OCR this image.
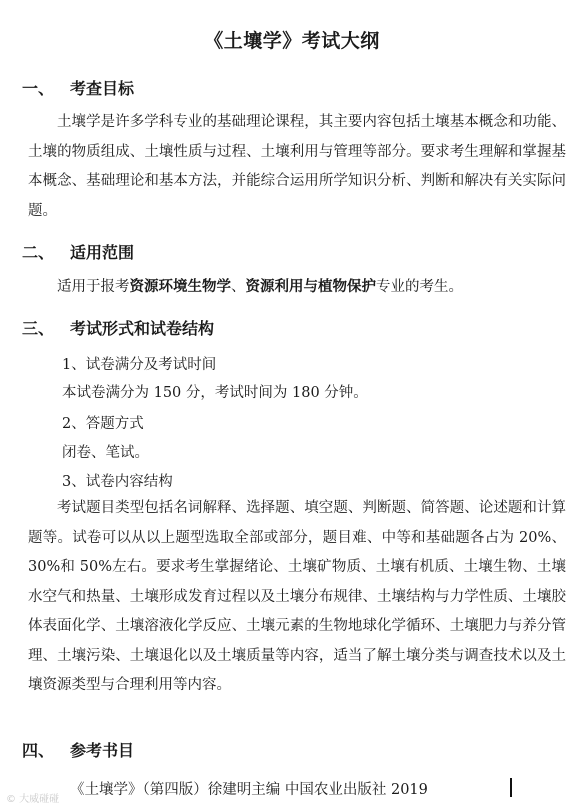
《土壤学》考试大纲
一、 考查目标
土壤学是许多学科专业的基础理论课程，其主要内容包括土壤基本概念和功能、土壤的物质组成、土壤性质与过程、土壤利用与管理等部分。要求考生理解和掌握基本概念、基础理论和基本方法，并能综合运用所学知识分析、判断和解决有关实际问题。
二、 适用范围
适用于报考资源环境生物学、资源利用与植物保护专业的考生。
三、 考试形式和试卷结构
1、试卷满分及考试时间
本试卷满分为 150 分，考试时间为 180 分钟。
2、答题方式
闭卷、笔试。
3、试卷内容结构
考试题目类型包括名词解释、选择题、填空题、判断题、简答题、论述题和计算题等。试卷可以从以上题型选取全部或部分，题目难、中等和基础题各占为 20%、30%和 50%左右。要求考生掌握绪论、土壤矿物质、土壤有机质、土壤生物、土壤水空气和热量、土壤形成发育过程以及土壤分布规律、土壤结构与力学性质、土壤胶体表面化学、土壤溶液化学反应、土壤元素的生物地球化学循环、土壤肥力与养分管理、土壤污染、土壤退化以及土壤质量等内容，适当了解土壤分类与调查技术以及土壤资源类型与合理利用等内容。
四、 参考书目
《土壤学》（第四版）徐建明主编 中国农业出版社 2019
© 大威碰碰
